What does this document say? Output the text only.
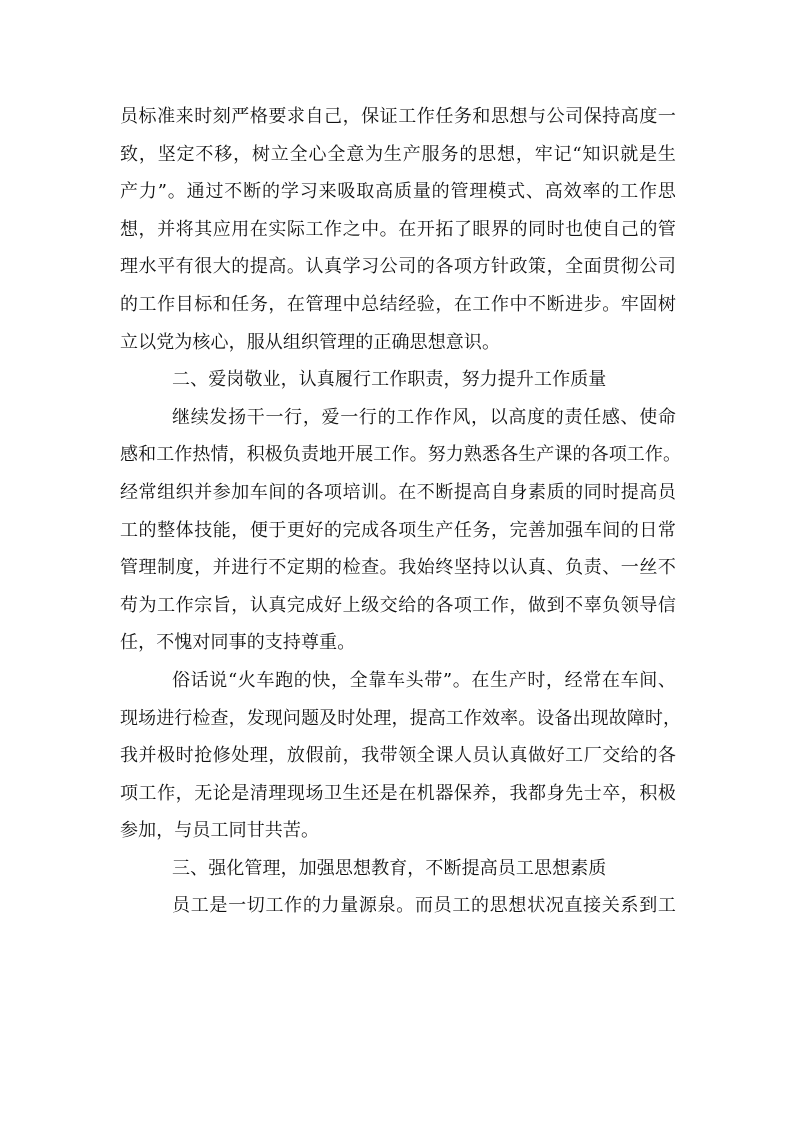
员标准来时刻严格要求自己，保证工作任务和思想与公司保持高度一
致，坚定不移，树立全心全意为生产服务的思想，牢记“知识就是生
产力”。通过不断的学习来吸取高质量的管理模式、高效率的工作思
想，并将其应用在实际工作之中。在开拓了眼界的同时也使自己的管
理水平有很大的提高。认真学习公司的各项方针政策，全面贯彻公司
的工作目标和任务，在管理中总结经验，在工作中不断进步。牢固树
立以党为核心，服从组织管理的正确思想意识。
二、爱岗敬业，认真履行工作职责，努力提升工作质量
继续发扬干一行，爱一行的工作作风，以高度的责任感、使命
感和工作热情，积极负责地开展工作。努力熟悉各生产课的各项工作。
经常组织并参加车间的各项培训。在不断提高自身素质的同时提高员
工的整体技能，便于更好的完成各项生产任务，完善加强车间的日常
管理制度，并进行不定期的检查。我始终坚持以认真、负责、一丝不
苟为工作宗旨，认真完成好上级交给的各项工作，做到不辜负领导信
任，不愧对同事的支持尊重。
俗话说“火车跑的快，全靠车头带”。在生产时，经常在车间、
现场进行检查，发现问题及时处理，提高工作效率。设备出现故障时，
我并极时抢修处理，放假前，我带领全课人员认真做好工厂交给的各
项工作，无论是清理现场卫生还是在机器保养，我都身先士卒，积极
参加，与员工同甘共苦。
三、强化管理，加强思想教育，不断提高员工思想素质
员工是一切工作的力量源泉。而员工的思想状况直接关系到工
